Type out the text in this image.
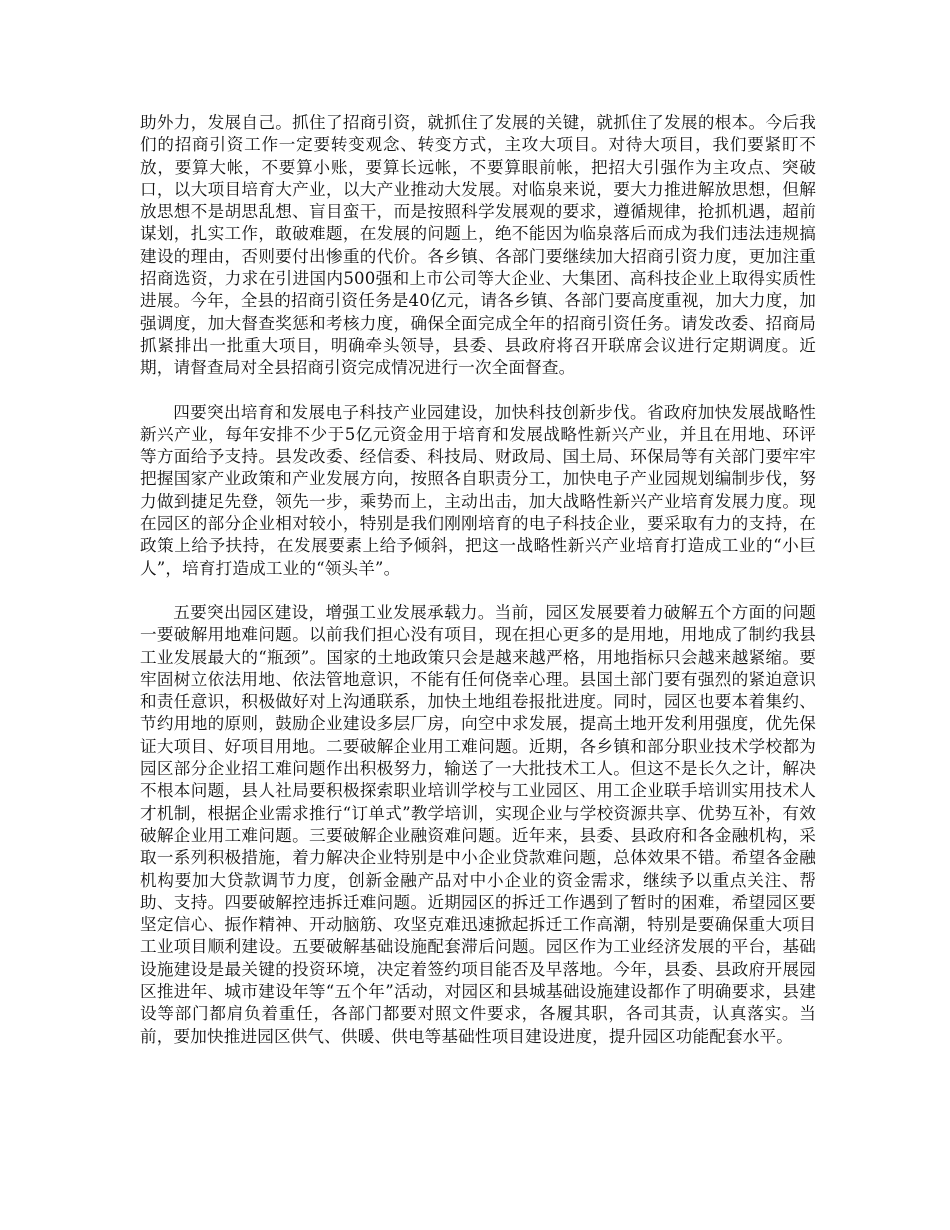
助外力，发展自己。抓住了招商引资，就抓住了发展的关键，就抓住了发展的根本。今后我们的招商引资工作一定要转变观念、转变方式，主攻大项目。对待大项目，我们要紧盯不放，要算大帐，不要算小账，要算长远帐，不要算眼前帐，把招大引强作为主攻点、突破口，以大项目培育大产业，以大产业推动大发展。对临泉来说，要大力推进解放思想，但解放思想不是胡思乱想、盲目蛮干，而是按照科学发展观的要求，遵循规律，抢抓机遇，超前谋划，扎实工作，敢破难题，在发展的问题上，绝不能因为临泉落后而成为我们违法违规搞建设的理由，否则要付出惨重的代价。各乡镇、各部门要继续加大招商引资力度，更加注重招商选资，力求在引进国内500强和上市公司等大企业、大集团、高科技企业上取得实质性进展。今年，全县的招商引资任务是40亿元，请各乡镇、各部门要高度重视，加大力度，加强调度，加大督查奖惩和考核力度，确保全面完成全年的招商引资任务。请发改委、招商局抓紧排出一批重大项目，明确牵头领导，县委、县政府将召开联席会议进行定期调度。近期，请督查局对全县招商引资完成情况进行一次全面督查。

四要突出培育和发展电子科技产业园建设，加快科技创新步伐。省政府加快发展战略性新兴产业，每年安排不少于5亿元资金用于培育和发展战略性新兴产业，并且在用地、环评等方面给予支持。县发改委、经信委、科技局、财政局、国土局、环保局等有关部门要牢牢把握国家产业政策和产业发展方向，按照各自职责分工，加快电子产业园规划编制步伐，努力做到捷足先登，领先一步，乘势而上，主动出击，加大战略性新兴产业培育发展力度。现在园区的部分企业相对较小，特别是我们刚刚培育的电子科技企业，要采取有力的支持，在政策上给予扶持，在发展要素上给予倾斜，把这一战略性新兴产业培育打造成工业的“小巨人”，培育打造成工业的“领头羊”。

五要突出园区建设，增强工业发展承载力。当前，园区发展要着力破解五个方面的问题一要破解用地难问题。以前我们担心没有项目，现在担心更多的是用地，用地成了制约我县工业发展最大的“瓶颈”。国家的土地政策只会是越来越严格，用地指标只会越来越紧缩。要牢固树立依法用地、依法管地意识，不能有任何侥幸心理。县国土部门要有强烈的紧迫意识和责任意识，积极做好对上沟通联系，加快土地组卷报批进度。同时，园区也要本着集约、节约用地的原则，鼓励企业建设多层厂房，向空中求发展，提高土地开发利用强度，优先保证大项目、好项目用地。二要破解企业用工难问题。近期，各乡镇和部分职业技术学校都为园区部分企业招工难问题作出积极努力，输送了一大批技术工人。但这不是长久之计，解决不根本问题，县人社局要积极探索职业培训学校与工业园区、用工企业联手培训实用技术人才机制，根据企业需求推行“订单式”教学培训，实现企业与学校资源共享、优势互补，有效破解企业用工难问题。三要破解企业融资难问题。近年来，县委、县政府和各金融机构，采取一系列积极措施，着力解决企业特别是中小企业贷款难问题，总体效果不错。希望各金融机构要加大贷款调节力度，创新金融产品对中小企业的资金需求，继续予以重点关注、帮助、支持。四要破解控违拆迁难问题。近期园区的拆迁工作遇到了暂时的困难，希望园区要坚定信心、振作精神、开动脑筋、攻坚克难迅速掀起拆迁工作高潮，特别是要确保重大项目工业项目顺利建设。五要破解基础设施配套滞后问题。园区作为工业经济发展的平台，基础设施建设是最关键的投资环境，决定着签约项目能否及早落地。今年，县委、县政府开展园区推进年、城市建设年等“五个年”活动，对园区和县城基础设施建设都作了明确要求，县建设等部门都肩负着重任，各部门都要对照文件要求，各履其职，各司其责，认真落实。当前，要加快推进园区供气、供暖、供电等基础性项目建设进度，提升园区功能配套水平。
